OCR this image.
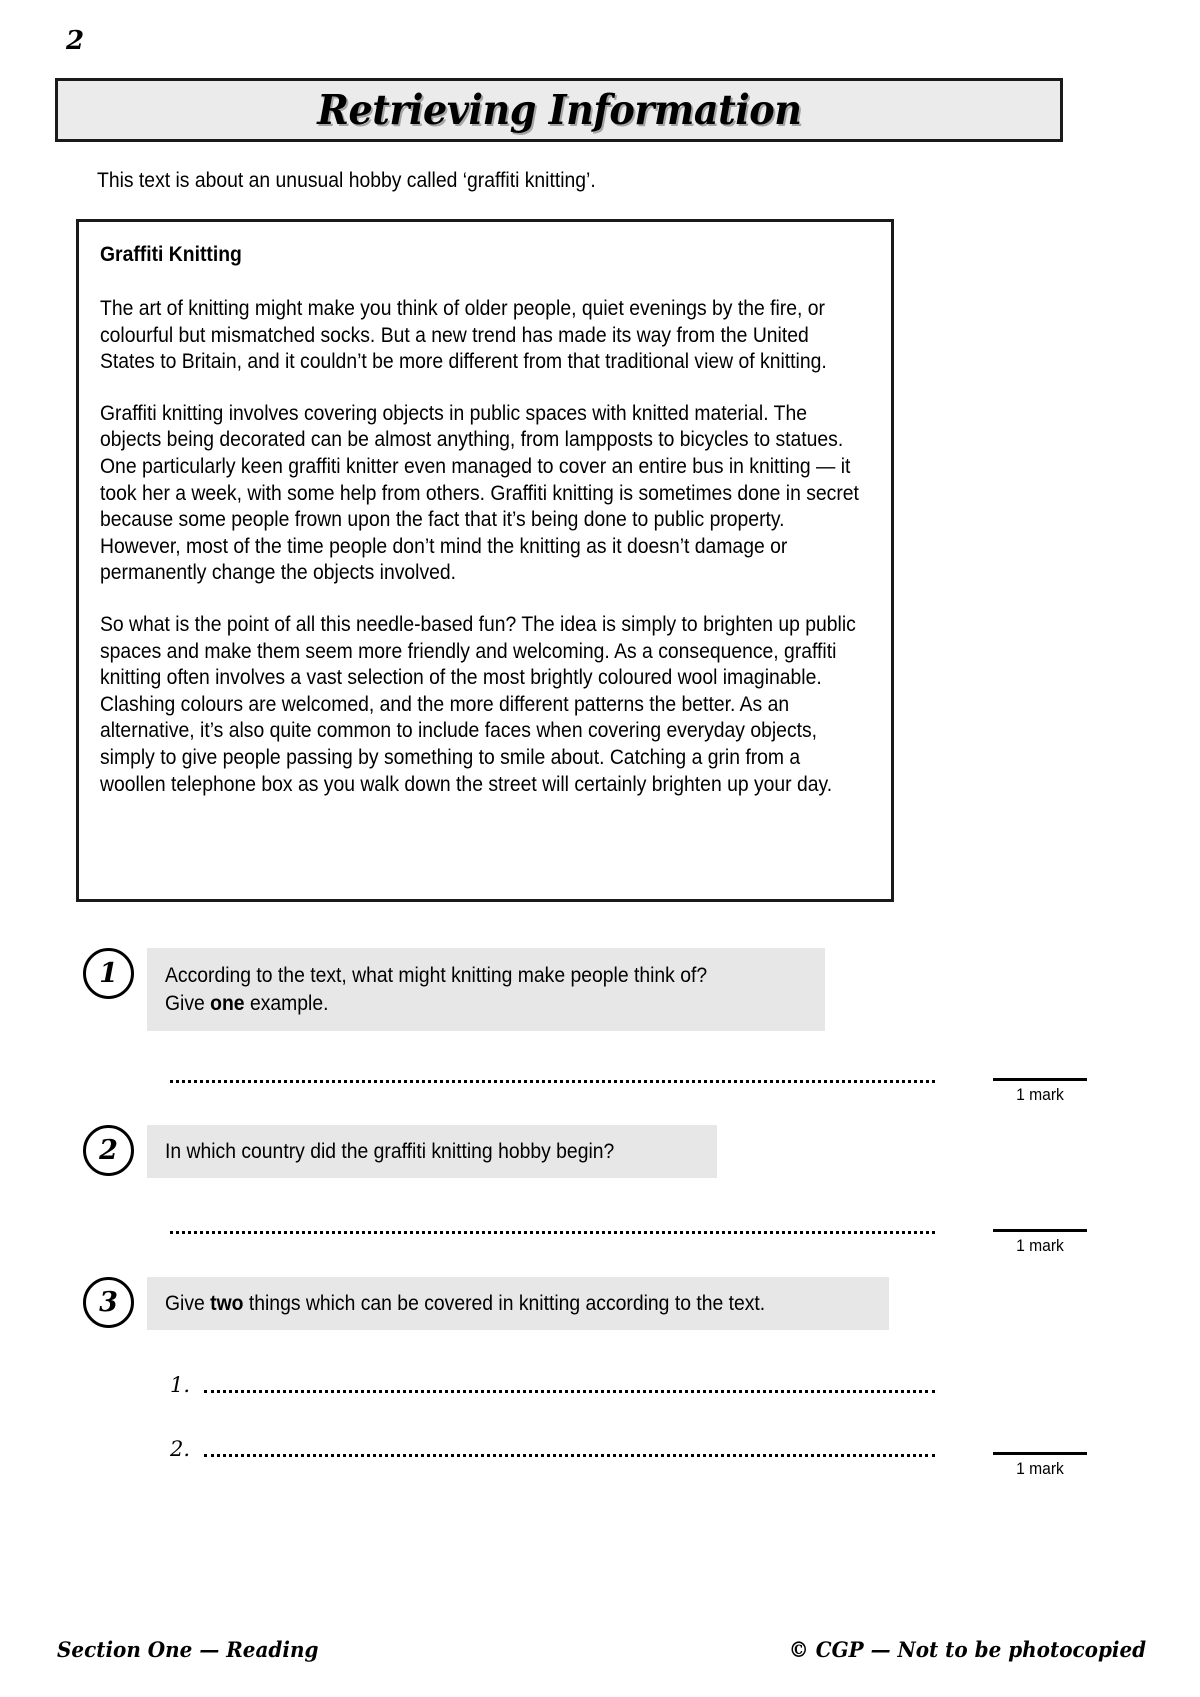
2
Retrieving Information
This text is about an unusual hobby called ‘graffiti knitting’.
Graffiti Knitting

The art of knitting might make you think of older people, quiet evenings by the fire, or colourful but mismatched socks. But a new trend has made its way from the United States to Britain, and it couldn’t be more different from that traditional view of knitting.

Graffiti knitting involves covering objects in public spaces with knitted material. The objects being decorated can be almost anything, from lampposts to bicycles to statues. One particularly keen graffiti knitter even managed to cover an entire bus in knitting — it took her a week, with some help from others. Graffiti knitting is sometimes done in secret because some people frown upon the fact that it’s being done to public property. However, most of the time people don’t mind the knitting as it doesn’t damage or permanently change the objects involved.

So what is the point of all this needle-based fun? The idea is simply to brighten up public spaces and make them seem more friendly and welcoming. As a consequence, graffiti knitting often involves a vast selection of the most brightly coloured wool imaginable. Clashing colours are welcomed, and the more different patterns the better. As an alternative, it’s also quite common to include faces when covering everyday objects, simply to give people passing by something to smile about. Catching a grin from a woollen telephone box as you walk down the street will certainly brighten up your day.

1	According to the text, what might knitting make people think of?
Give one example.
1 mark
2	In which country did the graffiti knitting hobby begin?
1 mark
3	Give two things which can be covered in knitting according to the text.
1.
2.
1 mark
Section One — Reading	© CGP — Not to be photocopied
